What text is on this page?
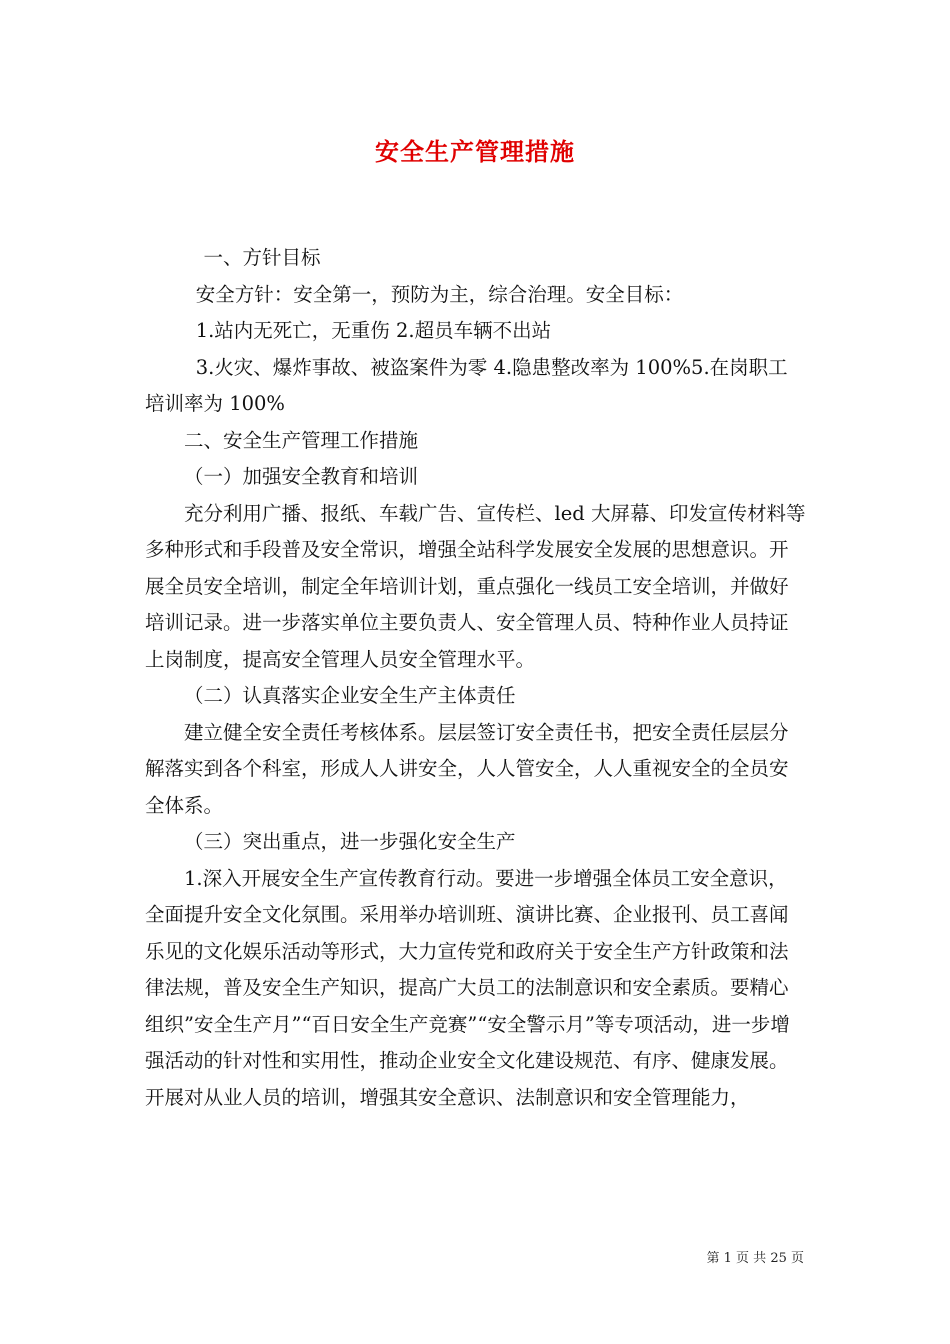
安全生产管理措施

一、方针目标

安全方针：安全第一，预防为主，综合治理。安全目标：

1.站内无死亡，无重伤 2.超员车辆不出站

3.火灾、爆炸事故、被盗案件为零 4.隐患整改率为 100%5.在岗职工培训率为 100%

二、安全生产管理工作措施

（一）加强安全教育和培训

充分利用广播、报纸、车载广告、宣传栏、led 大屏幕、印发宣传材料等多种形式和手段普及安全常识，增强全站科学发展安全发展的思想意识。开展全员安全培训，制定全年培训计划，重点强化一线员工安全培训，并做好培训记录。进一步落实单位主要负责人、安全管理人员、特种作业人员持证上岗制度，提高安全管理人员安全管理水平。

（二）认真落实企业安全生产主体责任

建立健全安全责任考核体系。层层签订安全责任书，把安全责任层层分解落实到各个科室，形成人人讲安全，人人管安全，人人重视安全的全员安全体系。

（三）突出重点，进一步强化安全生产

1.深入开展安全生产宣传教育行动。要进一步增强全体员工安全意识，全面提升安全文化氛围。采用举办培训班、演讲比赛、企业报刊、员工喜闻乐见的文化娱乐活动等形式，大力宣传党和政府关于安全生产方针政策和法律法规，普及安全生产知识，提高广大员工的法制意识和安全素质。要精心组织”安全生产月”“百日安全生产竞赛”“安全警示月”等专项活动，进一步增强活动的针对性和实用性，推动企业安全文化建设规范、有序、健康发展。开展对从业人员的培训，增强其安全意识、法制意识和安全管理能力，

第 1 页 共 25 页
